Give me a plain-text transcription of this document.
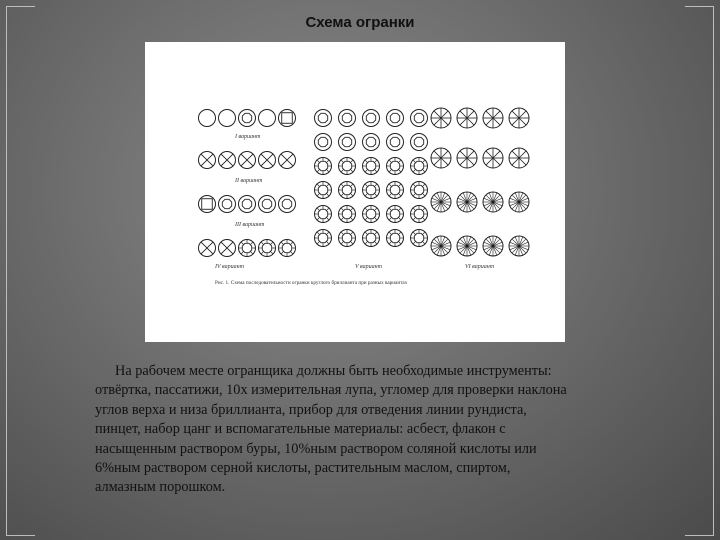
Схема огранки
I вариант
II вариант
III вариант
IV вариант	V вариант	VI вариант
Рис. 1. Схема последовательности огранки круглого бриллианта при разных вариантах
На рабочем месте огранщика должны быть необходимые инструменты:
отвёртка, пассатижи, 10х измерительная лупа, угломер для проверки наклона
углов верха и низа бриллианта, прибор для отведения линии рундиста,
пинцет, набор цанг и вспомагательные материалы: асбест, флакон с
насыщенным раствором буры, 10%ным раствором соляной кислоты или
6%ным раствором серной кислоты, растительным маслом, спиртом,
алмазным порошком.
